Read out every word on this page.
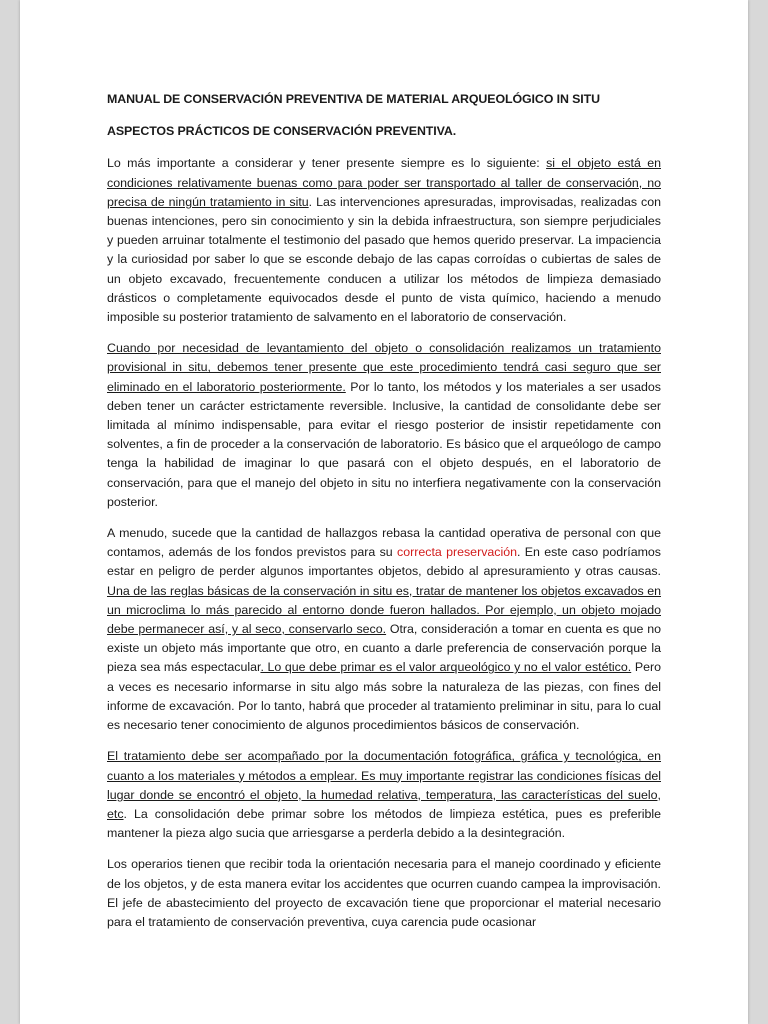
MANUAL DE CONSERVACIÓN PREVENTIVA DE MATERIAL ARQUEOLÓGICO IN SITU

ASPECTOS PRÁCTICOS DE CONSERVACIÓN PREVENTIVA.

Lo más importante a considerar y tener presente siempre es lo siguiente: si el objeto está en condiciones relativamente buenas como para poder ser transportado al taller de conservación, no precisa de ningún tratamiento in situ. Las intervenciones apresuradas, improvisadas, realizadas con buenas intenciones, pero sin conocimiento y sin la debida infraestructura, son siempre perjudiciales y pueden arruinar totalmente el testimonio del pasado que hemos querido preservar. La impaciencia y la curiosidad por saber lo que se esconde debajo de las capas corroídas o cubiertas de sales de un objeto excavado, frecuentemente conducen a utilizar los métodos de limpieza demasiado drásticos o completamente equivocados desde el punto de vista químico, haciendo a menudo imposible su posterior tratamiento de salvamento en el laboratorio de conservación.

Cuando por necesidad de levantamiento del objeto o consolidación realizamos un tratamiento provisional in situ, debemos tener presente que este procedimiento tendrá casi seguro que ser eliminado en el laboratorio posteriormente. Por lo tanto, los métodos y los materiales a ser usados deben tener un carácter estrictamente reversible. Inclusive, la cantidad de consolidante debe ser limitada al mínimo indispensable, para evitar el riesgo posterior de insistir repetidamente con solventes, a fin de proceder a la conservación de laboratorio. Es básico que el arqueólogo de campo tenga la habilidad de imaginar lo que pasará con el objeto después, en el laboratorio de conservación, para que el manejo del objeto in situ no interfiera negativamente con la conservación posterior.

A menudo, sucede que la cantidad de hallazgos rebasa la cantidad operativa de personal con que contamos, además de los fondos previstos para su correcta preservación. En este caso podríamos estar en peligro de perder algunos importantes objetos, debido al apresuramiento y otras causas. Una de las reglas básicas de la conservación in situ es, tratar de mantener los objetos excavados en un microclima lo más parecido al entorno donde fueron hallados. Por ejemplo, un objeto mojado debe permanecer así, y al seco, conservarlo seco. Otra, consideración a tomar en cuenta es que no existe un objeto más importante que otro, en cuanto a darle preferencia de conservación porque la pieza sea más espectacular. Lo que debe primar es el valor arqueológico y no el valor estético. Pero a veces es necesario informarse in situ algo más sobre la naturaleza de las piezas, con fines del informe de excavación. Por lo tanto, habrá que proceder al tratamiento preliminar in situ, para lo cual es necesario tener conocimiento de algunos procedimientos básicos de conservación.

El tratamiento debe ser acompañado por la documentación fotográfica, gráfica y tecnológica, en cuanto a los materiales y métodos a emplear. Es muy importante registrar las condiciones físicas del lugar donde se encontró el objeto, la humedad relativa, temperatura, las características del suelo, etc. La consolidación debe primar sobre los métodos de limpieza estética, pues es preferible mantener la pieza algo sucia que arriesgarse a perderla debido a la desintegración.

Los operarios tienen que recibir toda la orientación necesaria para el manejo coordinado y eficiente de los objetos, y de esta manera evitar los accidentes que ocurren cuando campea la improvisación. El jefe de abastecimiento del proyecto de excavación tiene que proporcionar el material necesario para el tratamiento de conservación preventiva, cuya carencia pude ocasionar
